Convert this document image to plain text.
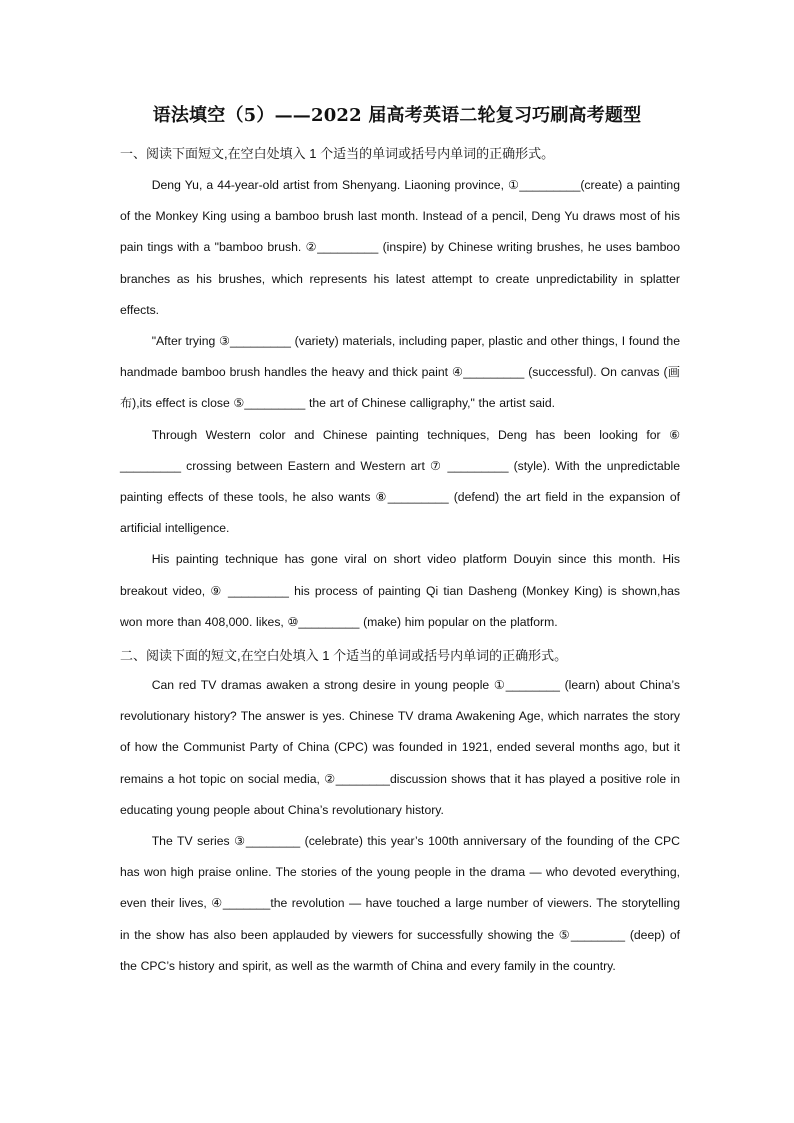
语法填空（5）——2022 届高考英语二轮复习巧刷高考题型

一、阅读下面短文,在空白处填入 1 个适当的单词或括号内单词的正确形式。

Deng Yu, a 44-year-old artist from Shenyang. Liaoning province, ①_________(create) a painting of the Monkey King using a bamboo brush last month. Instead of a pencil, Deng Yu draws most of his pain tings with a "bamboo brush. ②_________ (inspire) by Chinese writing brushes, he uses bamboo branches as his brushes, which represents his latest attempt to create unpredictability in splatter effects.

"After trying ③_________ (variety) materials, including paper, plastic and other things, I found the handmade bamboo brush handles the heavy and thick paint ④_________ (successful). On canvas (画布),its effect is close ⑤_________ the art of Chinese calligraphy," the artist said.

Through Western color and Chinese painting techniques, Deng has been looking for ⑥ _________ crossing between Eastern and Western art ⑦ _________ (style). With the unpredictable painting effects of these tools, he also wants ⑧_________ (defend) the art field in the expansion of artificial intelligence.

His painting technique has gone viral on short video platform Douyin since this month. His breakout video, ⑨ _________ his process of painting Qi tian Dasheng (Monkey King) is shown,has won more than 408,000. likes, ⑩_________ (make) him popular on the platform.

二、阅读下面的短文,在空白处填入 1 个适当的单词或括号内单词的正确形式。

Can red TV dramas awaken a strong desire in young people ①________ (learn) about China’s revolutionary history? The answer is yes. Chinese TV drama Awakening Age, which narrates the story of how the Communist Party of China (CPC) was founded in 1921, ended several months ago, but it remains a hot topic on social media, ②________discussion shows that it has played a positive role in educating young people about China’s revolutionary history.

The TV series ③________ (celebrate) this year’s 100th anniversary of the founding of the CPC has won high praise online. The stories of the young people in the drama — who devoted everything, even their lives, ④_______the revolution — have touched a large number of viewers. The storytelling in the show has also been applauded by viewers for successfully showing the ⑤________ (deep) of the CPC’s history and spirit, as well as the warmth of China and every family in the country.
